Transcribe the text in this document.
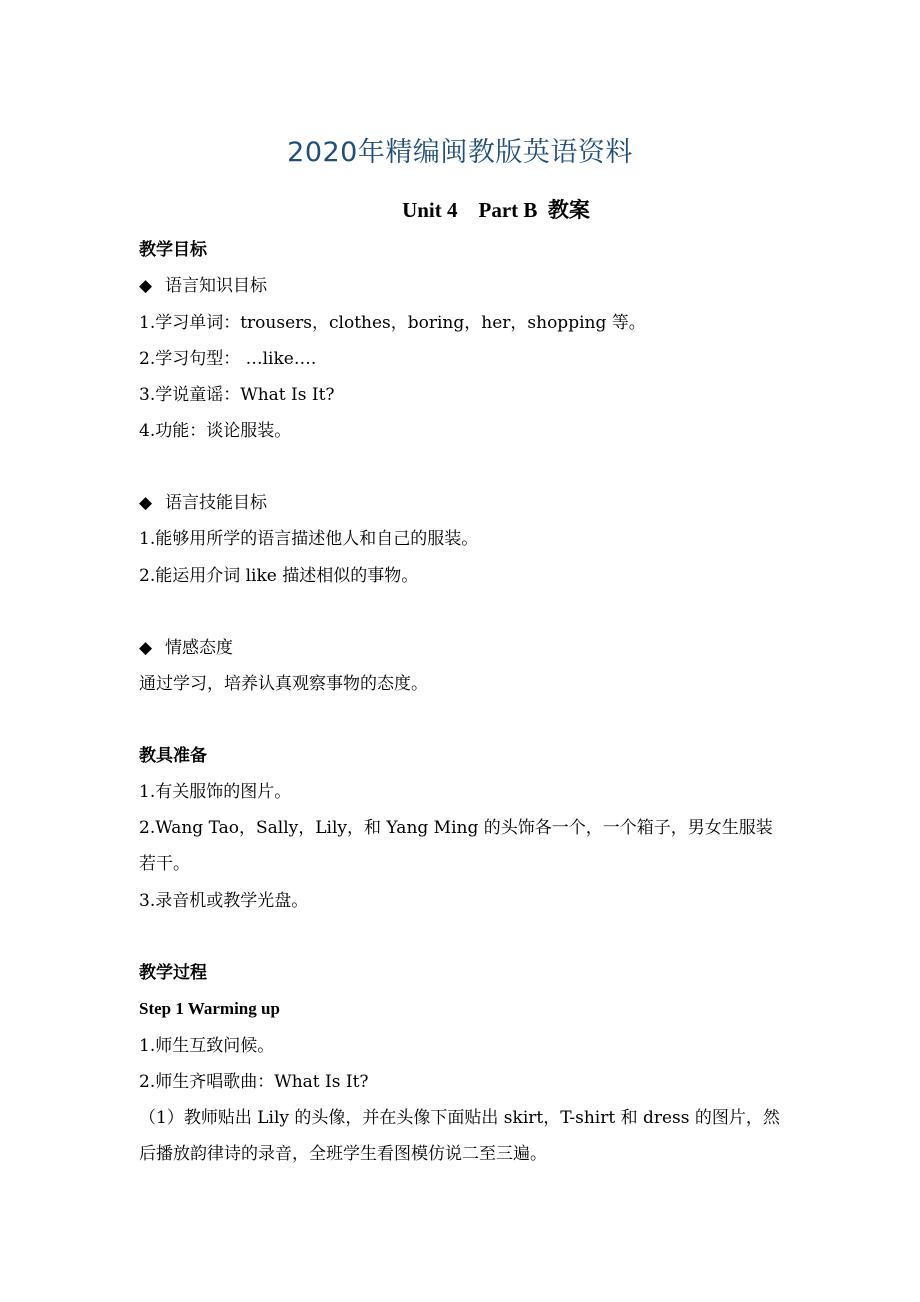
2020年精编闽教版英语资料
Unit 4    Part B  教案
教学目标
◆ 语言知识目标
1.学习单词：trousers，clothes，boring，her，shopping 等。
2.学习句型： …like….
3.学说童谣：What Is It?
4.功能：谈论服装。
◆ 语言技能目标
1.能够用所学的语言描述他人和自己的服装。
2.能运用介词 like 描述相似的事物。
◆ 情感态度
通过学习，培养认真观察事物的态度。
教具准备
1.有关服饰的图片。
2.Wang Tao，Sally，Lily，和 Yang Ming 的头饰各一个，一个箱子，男女生服装若干。
3.录音机或教学光盘。
教学过程
Step 1 Warming up
1.师生互致问候。
2.师生齐唱歌曲：What Is It?
（1）教师贴出 Lily 的头像，并在头像下面贴出 skirt，T-shirt 和 dress 的图片，然后播放韵律诗的录音，全班学生看图模仿说二至三遍。
